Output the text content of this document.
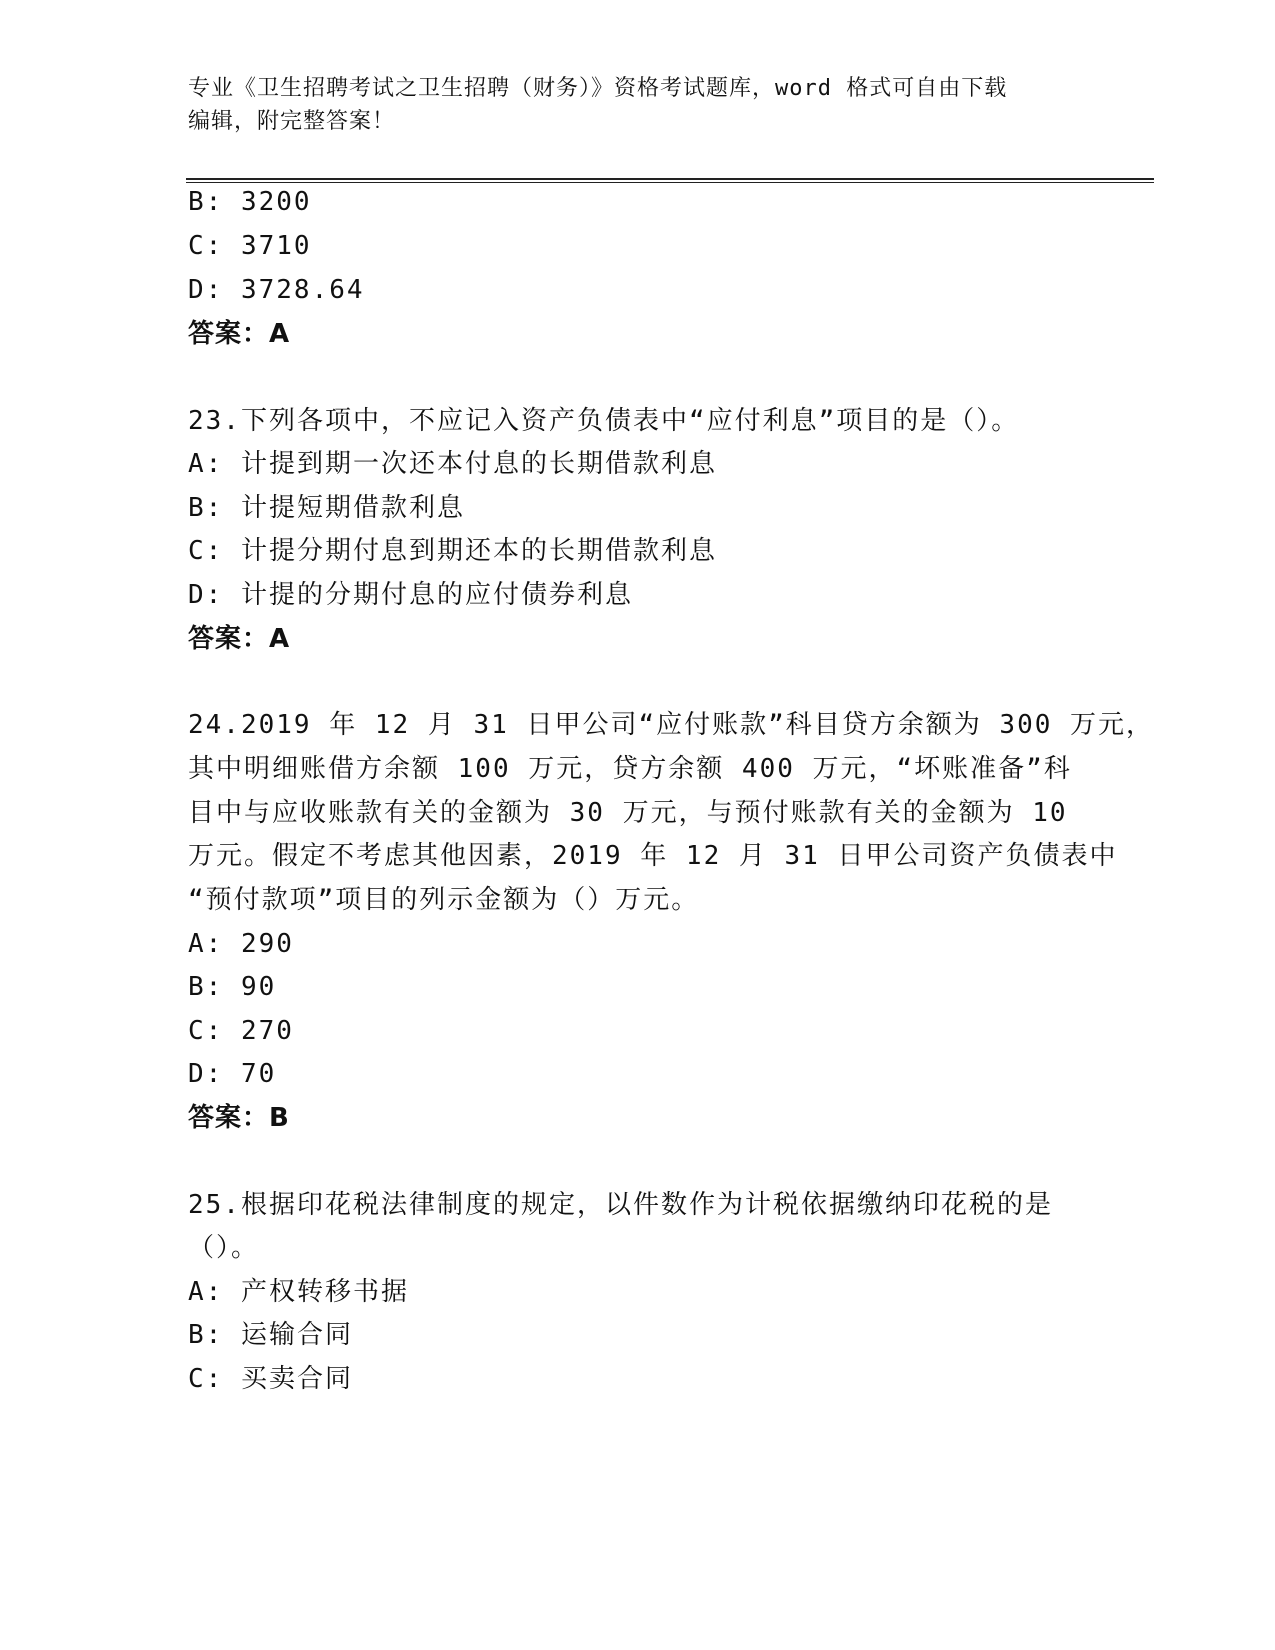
专业《卫生招聘考试之卫生招聘（财务）》资格考试题库，word 格式可自由下载
编辑，附完整答案！
B: 3200
C: 3710
D: 3728.64
答案：A
23.下列各项中，不应记入资产负债表中“应付利息”项目的是（）。
A: 计提到期一次还本付息的长期借款利息
B: 计提短期借款利息
C: 计提分期付息到期还本的长期借款利息
D: 计提的分期付息的应付债券利息
答案：A
24.2019 年 12 月 31 日甲公司“应付账款”科目贷方余额为 300 万元，
其中明细账借方余额 100 万元，贷方余额 400 万元，“坏账准备”科
目中与应收账款有关的金额为 30 万元，与预付账款有关的金额为 10
万元。假定不考虑其他因素，2019 年 12 月 31 日甲公司资产负债表中
“预付款项”项目的列示金额为（）万元。
A: 290
B: 90
C: 270
D: 70
答案：B
25.根据印花税法律制度的规定，以件数作为计税依据缴纳印花税的是
（）。
A: 产权转移书据
B: 运输合同
C: 买卖合同
